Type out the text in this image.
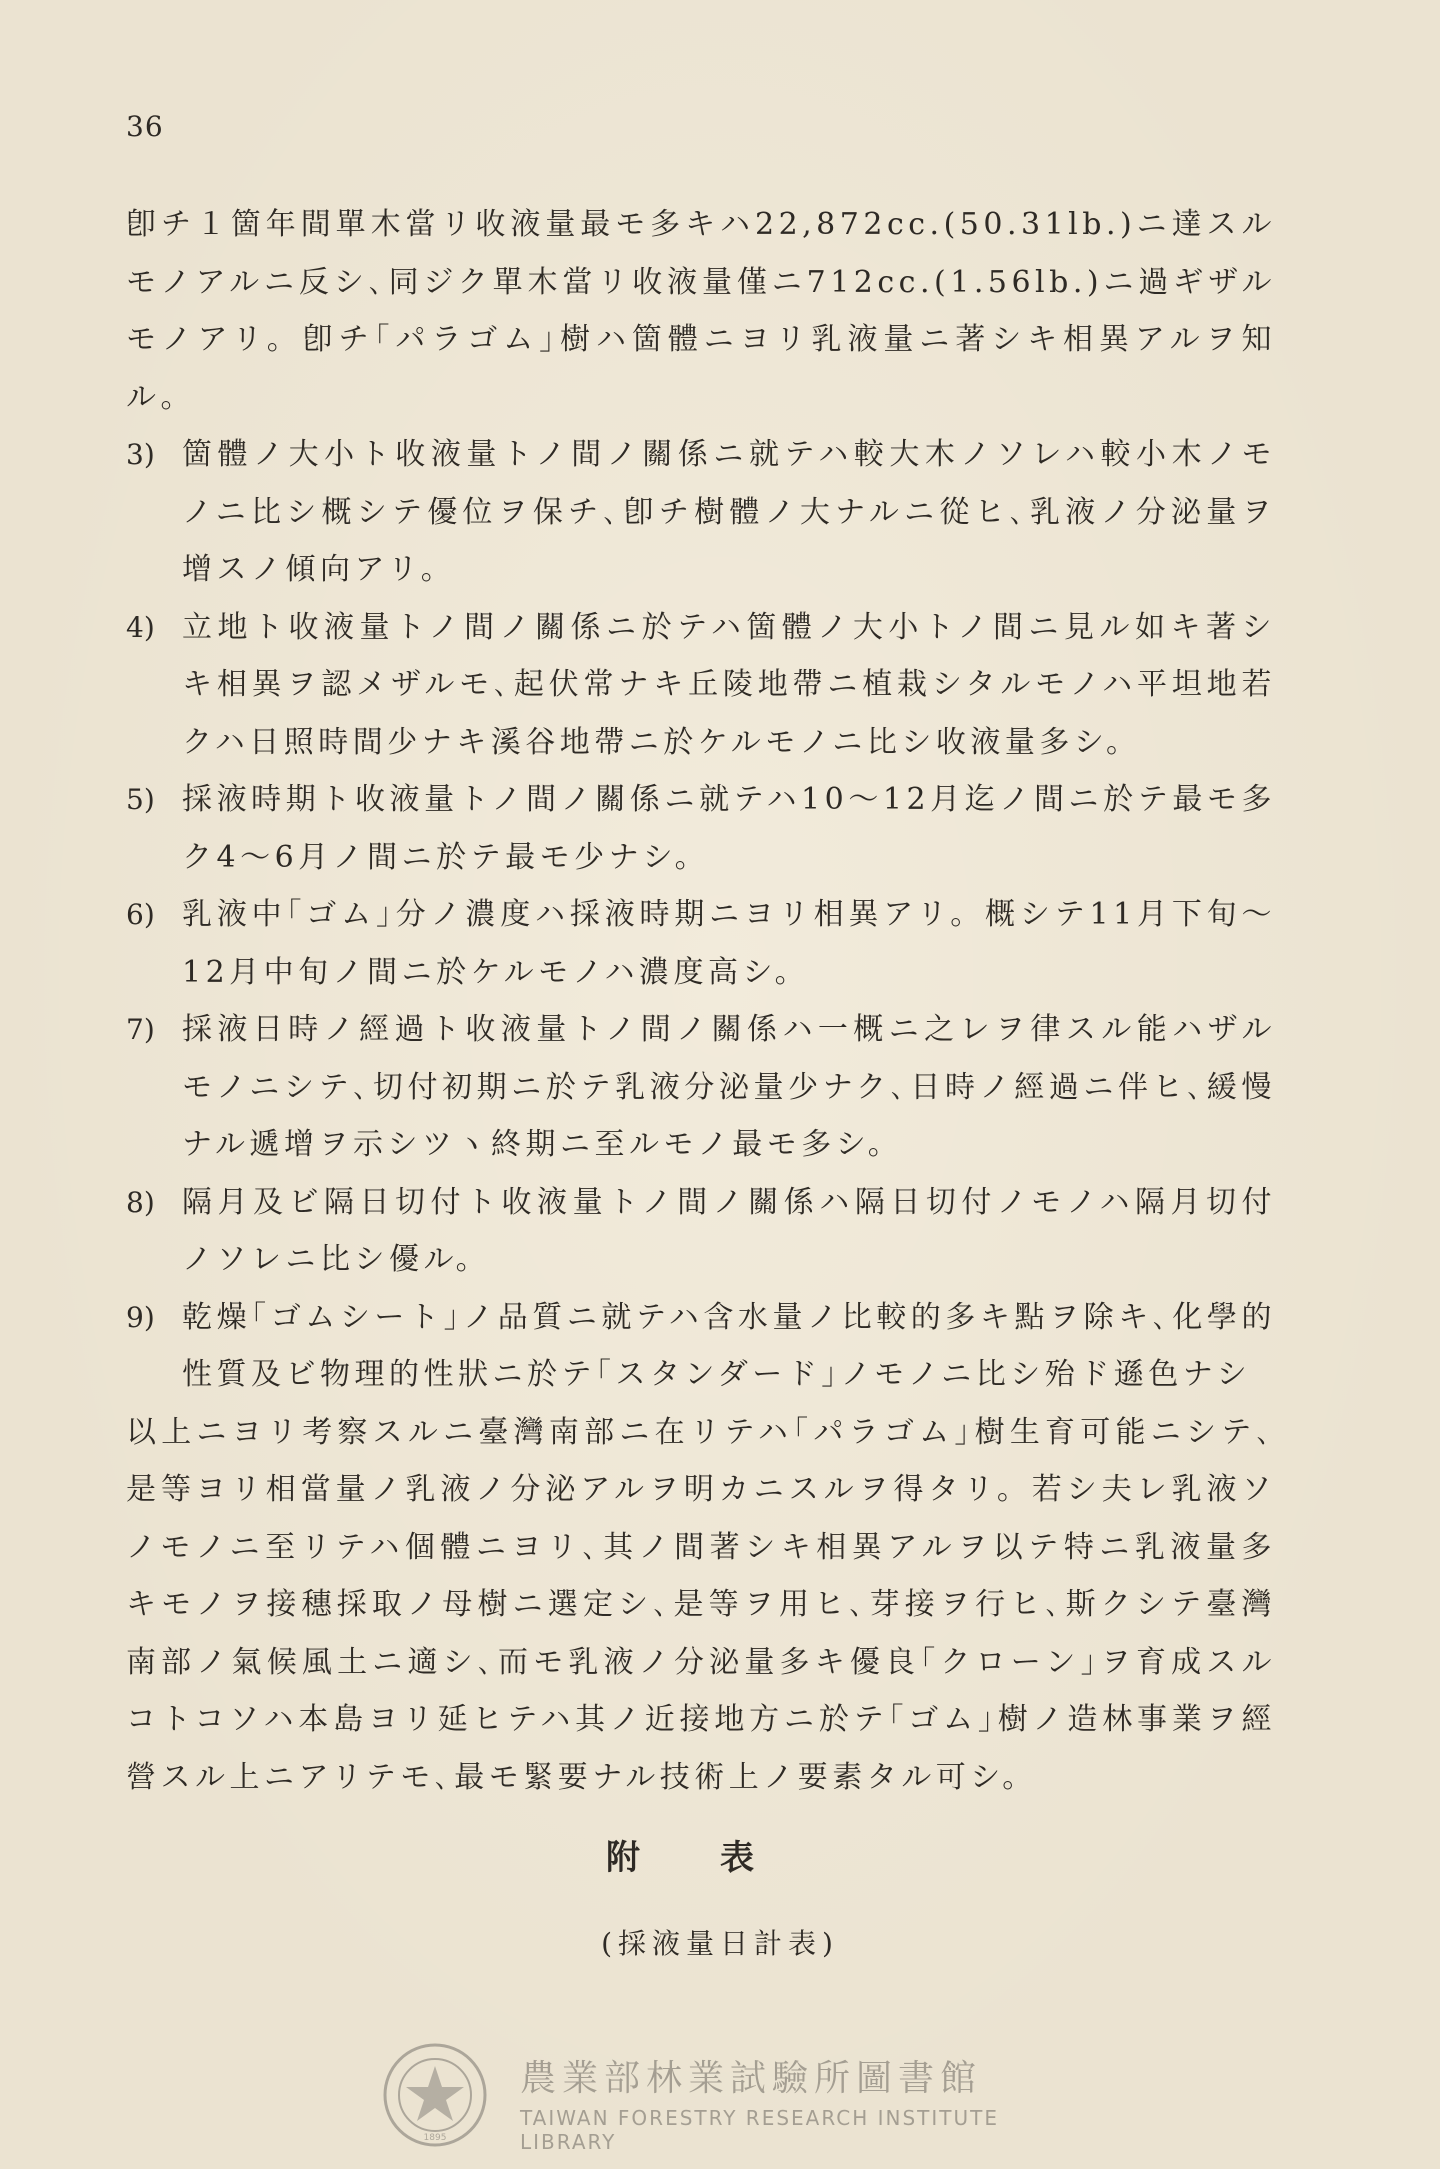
36

卽チ１箇年間單木當リ收液量最モ多キハ22,872cc.(50.31lb.)ニ達スルモノアルニ反シ､同ジク單木當リ收液量僅ニ712cc.(1.56lb.)ニ過ギザルモノアリ。卽チ｢パラゴム｣樹ハ箇體ニヨリ乳液量ニ著シキ相異アルヲ知ル｡

3) 箇體ノ大小ト收液量トノ間ノ關係ニ就テハ較大木ノソレハ較小木ノモノニ比シ概シテ優位ヲ保チ､卽チ樹體ノ大ナルニ從ヒ､乳液ノ分泌量ヲ增スノ傾向アリ。
4) 立地ト收液量トノ間ノ關係ニ於テハ箇體ノ大小トノ間ニ見ル如キ著シキ相異ヲ認メザルモ､起伏常ナキ丘陵地帶ニ植栽シタルモノハ平坦地若クハ日照時間少ナキ溪谷地帶ニ於ケルモノニ比シ收液量多シ。
5) 採液時期ト收液量トノ間ノ關係ニ就テハ10～12月迄ノ間ニ於テ最モ多ク4～6月ノ間ニ於テ最モ少ナシ。
6) 乳液中｢ゴム｣分ノ濃度ハ採液時期ニヨリ相異アリ。概シテ11月下旬～12月中旬ノ間ニ於ケルモノハ濃度高シ。
7) 採液日時ノ經過ト收液量トノ間ノ關係ハ一概ニ之レヲ律スル能ハザルモノニシテ､切付初期ニ於テ乳液分泌量少ナク､日時ノ經過ニ伴ヒ､緩慢ナル遞增ヲ示シツヽ終期ニ至ルモノ最モ多シ。
8) 隔月及ビ隔日切付ト收液量トノ間ノ關係ハ隔日切付ノモノハ隔月切付ノソレニ比シ優ル。
9) 乾燥｢ゴムシート｣ノ品質ニ就テハ含水量ノ比較的多キ點ヲ除キ､化學的性質及ビ物理的性狀ニ於テ｢スタンダード｣ノモノニ比シ殆ド遜色ナシ

以上ニヨリ考察スルニ臺灣南部ニ在リテハ｢パラゴム｣樹生育可能ニシテ､是等ヨリ相當量ノ乳液ノ分泌アルヲ明カニスルヲ得タリ。若シ夫レ乳液ソノモノニ至リテハ個體ニヨリ､其ノ間著シキ相異アルヲ以テ特ニ乳液量多キモノヲ接穗採取ノ母樹ニ選定シ､是等ヲ用ヒ､芽接ヲ行ヒ､斯クシテ臺灣南部ノ氣候風土ニ適シ､而モ乳液ノ分泌量多キ優良｢クローン｣ヲ育成スルコトコソハ本島ヨリ延ヒテハ其ノ近接地方ニ於テ｢ゴム｣樹ノ造林事業ヲ經營スル上ニアリテモ､最モ緊要ナル技術上ノ要素タル可シ。

附表
(採液量日計表)
1895
農業部林業試驗所圖書館
TAIWAN FORESTRY RESEARCH INSTITUTE LIBRARY
